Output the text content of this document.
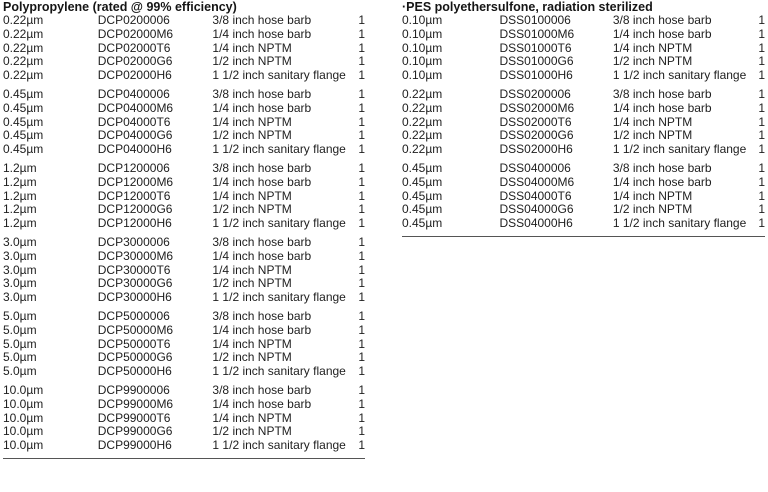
Polypropylene (rated @ 99% efficiency)
0.22µm	DCP0200006	3/8 inch hose barb	1
0.22µm	DCP02000M6	1/4 inch hose barb	1
0.22µm	DCP02000T6	1/4 inch NPTM	1
0.22µm	DCP02000G6	1/2 inch NPTM	1
0.22µm	DCP02000H6	1 1/2 inch sanitary flange	1
0.45µm	DCP0400006	3/8 inch hose barb	1
0.45µm	DCP04000M6	1/4 inch hose barb	1
0.45µm	DCP04000T6	1/4 inch NPTM	1
0.45µm	DCP04000G6	1/2 inch NPTM	1
0.45µm	DCP04000H6	1 1/2 inch sanitary flange	1
1.2µm	DCP1200006	3/8 inch hose barb	1
1.2µm	DCP12000M6	1/4 inch hose barb	1
1.2µm	DCP12000T6	1/4 inch NPTM	1
1.2µm	DCP12000G6	1/2 inch NPTM	1
1.2µm	DCP12000H6	1 1/2 inch sanitary flange	1
3.0µm	DCP3000006	3/8 inch hose barb	1
3.0µm	DCP30000M6	1/4 inch hose barb	1
3.0µm	DCP30000T6	1/4 inch NPTM	1
3.0µm	DCP30000G6	1/2 inch NPTM	1
3.0µm	DCP30000H6	1 1/2 inch sanitary flange	1
5.0µm	DCP5000006	3/8 inch hose barb	1
5.0µm	DCP50000M6	1/4 inch hose barb	1
5.0µm	DCP50000T6	1/4 inch NPTM	1
5.0µm	DCP50000G6	1/2 inch NPTM	1
5.0µm	DCP50000H6	1 1/2 inch sanitary flange	1
10.0µm	DCP9900006	3/8 inch hose barb	1
10.0µm	DCP99000M6	1/4 inch hose barb	1
10.0µm	DCP99000T6	1/4 inch NPTM	1
10.0µm	DCP99000G6	1/2 inch NPTM	1
10.0µm	DCP99000H6	1 1/2 inch sanitary flange	1
·PES polyethersulfone, radiation sterilized
0.10µm	DSS0100006	3/8 inch hose barb	1
0.10µm	DSS01000M6	1/4 inch hose barb	1
0.10µm	DSS01000T6	1/4 inch NPTM	1
0.10µm	DSS01000G6	1/2 inch NPTM	1
0.10µm	DSS01000H6	1 1/2 inch sanitary flange	1
0.22µm	DSS0200006	3/8 inch hose barb	1
0.22µm	DSS02000M6	1/4 inch hose barb	1
0.22µm	DSS02000T6	1/4 inch NPTM	1
0.22µm	DSS02000G6	1/2 inch NPTM	1
0.22µm	DSS02000H6	1 1/2 inch sanitary flange	1
0.45µm	DSS0400006	3/8 inch hose barb	1
0.45µm	DSS04000M6	1/4 inch hose barb	1
0.45µm	DSS04000T6	1/4 inch NPTM	1
0.45µm	DSS04000G6	1/2 inch NPTM	1
0.45µm	DSS04000H6	1 1/2 inch sanitary flange	1
